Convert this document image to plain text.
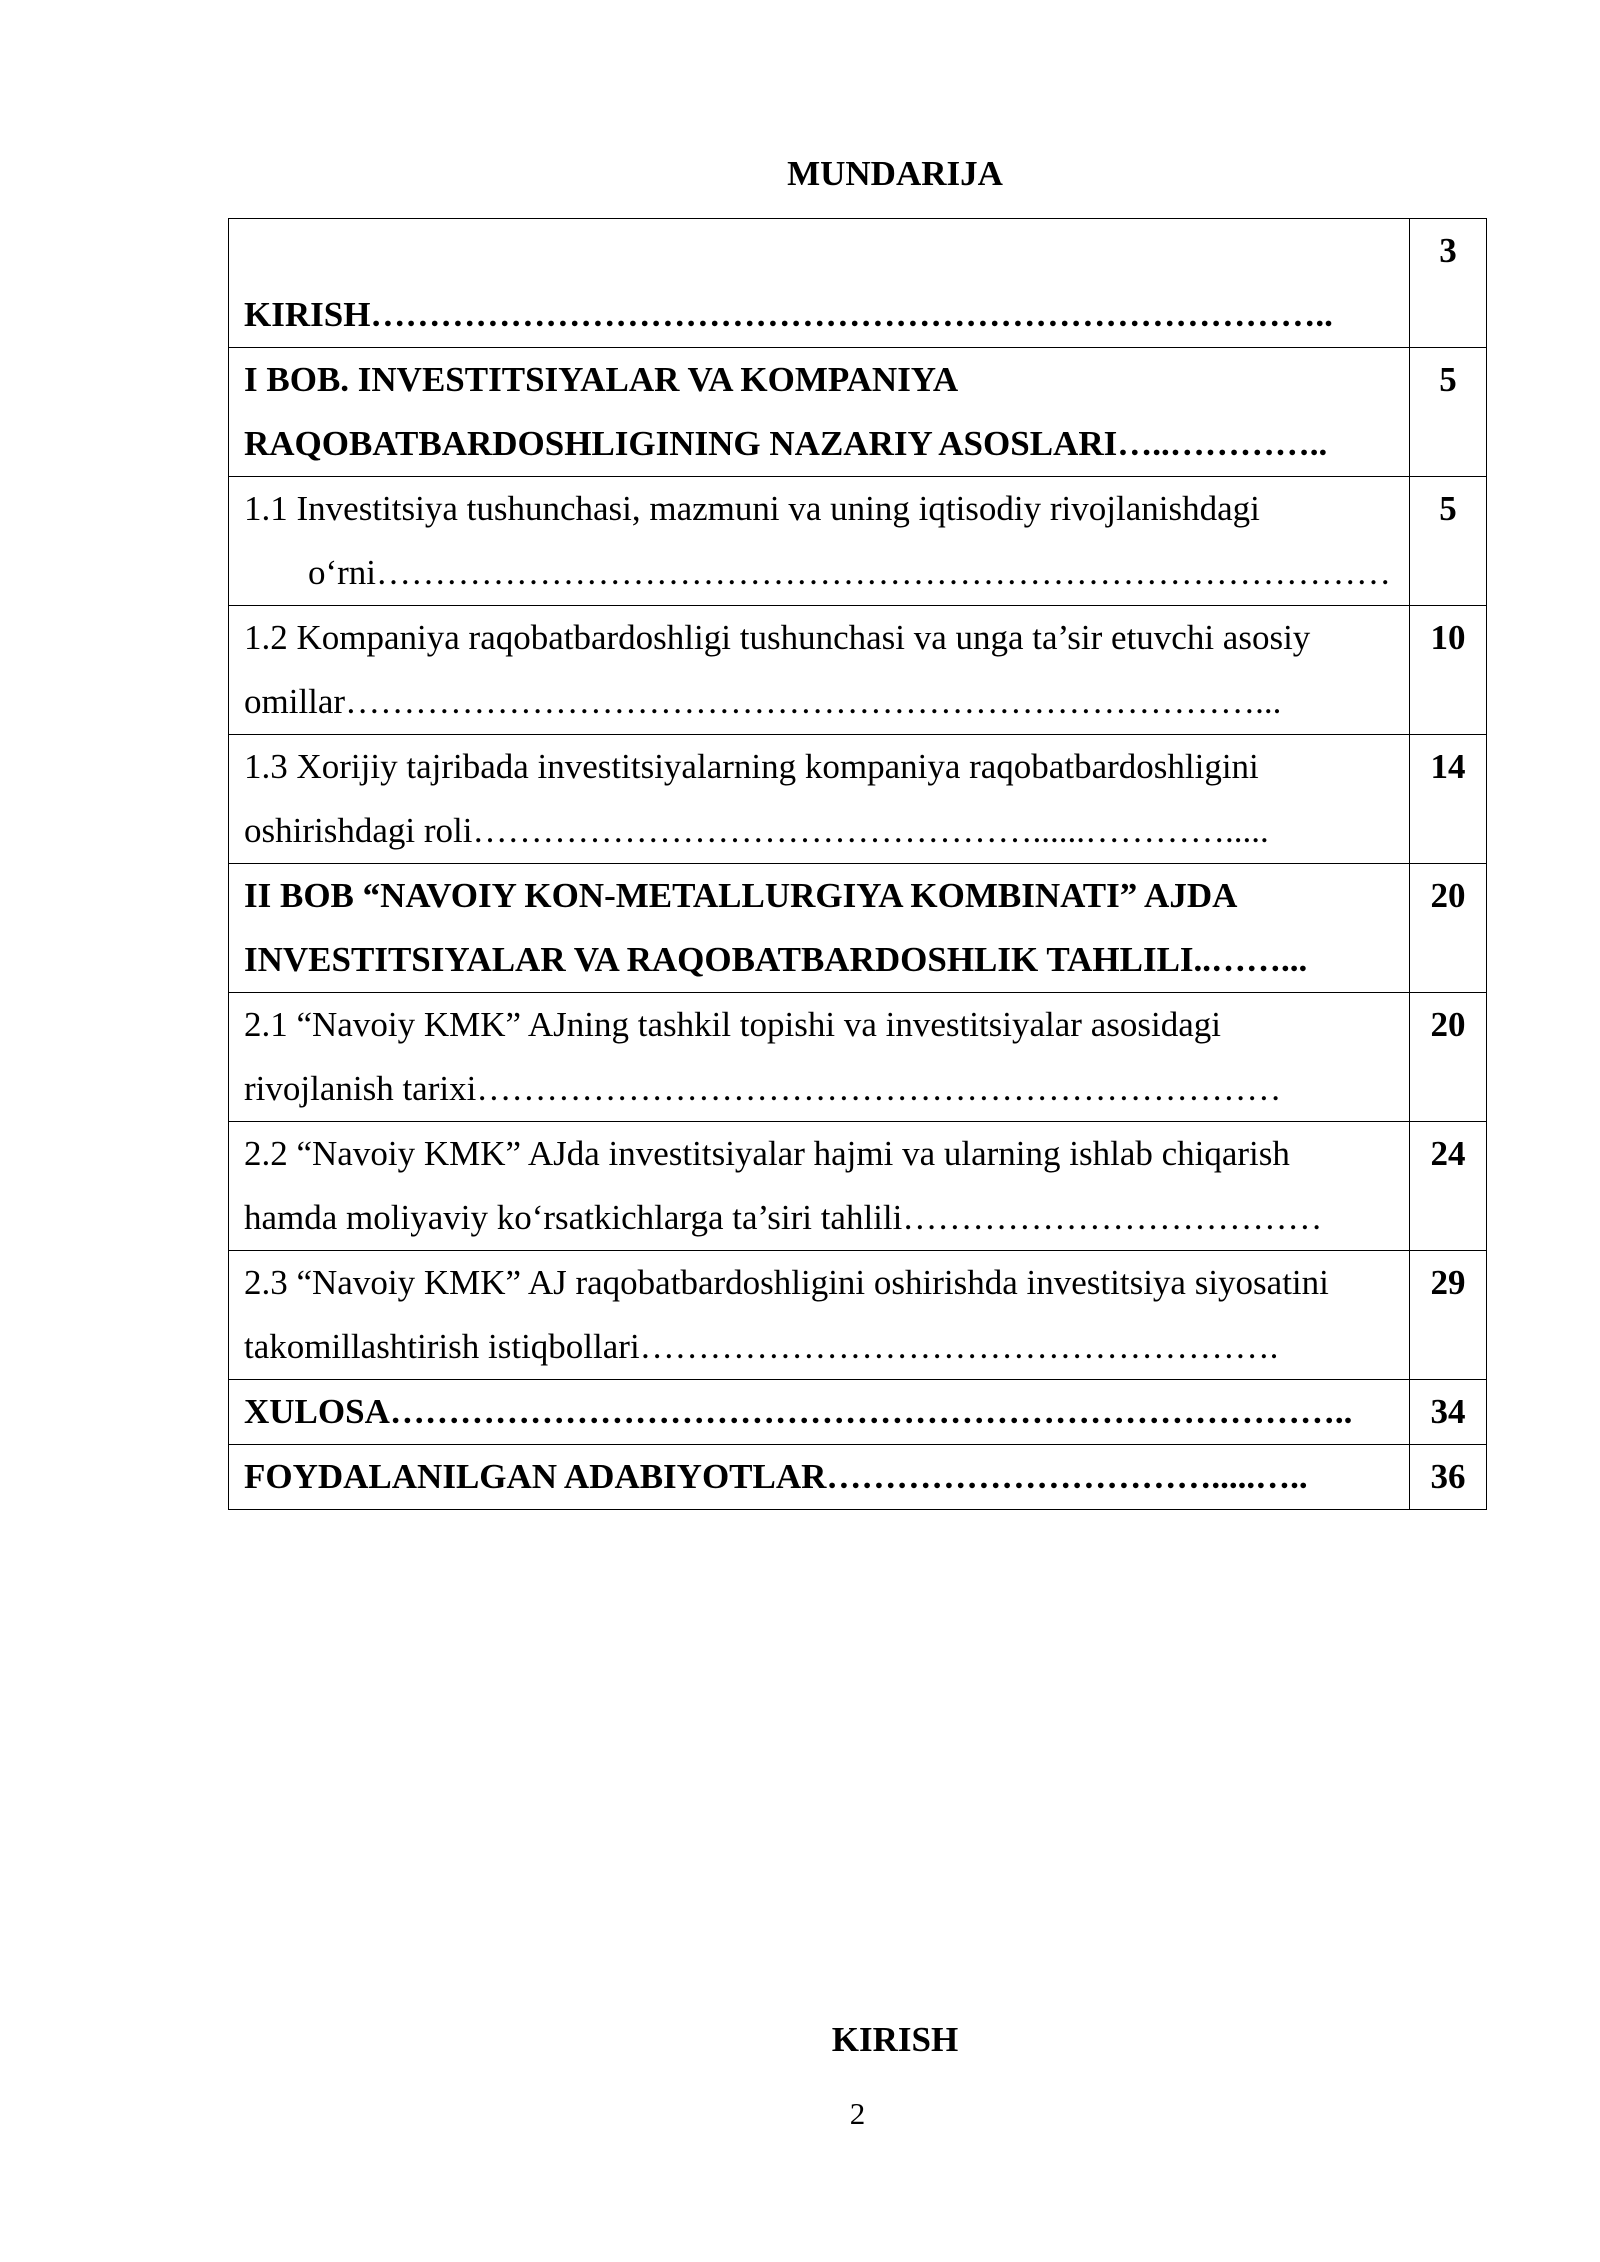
MUNDARIJA
KIRISH………………………………………………………………………..	3

I BOB. INVESTITSIYALAR VA KOMPANIYA
RAQOBATBARDOSHLIGINING NAZARIY ASOSLARI…..…………..	5

1.1 Investitsiya tushunchasi, mazmuni va uning iqtisodiy rivojlanishdagi
o‘rni……………………………………………………………………………	5

1.2 Kompaniya raqobatbardoshligi tushunchasi va unga ta’sir etuvchi asosiy
omillar……………………………………………………………………...	10

1.3 Xorijiy tajribada investitsiyalarning kompaniya raqobatbardoshligini
oshirishdagi roli…………………………………………......………….....	14

II BOB “NAVOIY KON-METALLURGIYA KOMBINATI” AJDA
INVESTITSIYALAR VA RAQOBATBARDOSHLIK TAHLILI..……...	20

2.1 “Navoiy KMK” AJning tashkil topishi va investitsiyalar asosidagi
rivojlanish tarixi……………………………………………………………	20

2.2 “Navoiy KMK” AJda investitsiyalar hajmi va ularning ishlab chiqarish
hamda moliyaviy ko‘rsatkichlarga ta’siri tahlili………………………………	24

2.3 “Navoiy KMK” AJ raqobatbardoshligini oshirishda investitsiya siyosatini
takomillashtirish istiqbollari……………………………………………….	29

XULOSA………………………………………………………………………..	34

FOYDALANILGAN ADABIYOTLAR…………………………….....…..	36
KIRISH
2
